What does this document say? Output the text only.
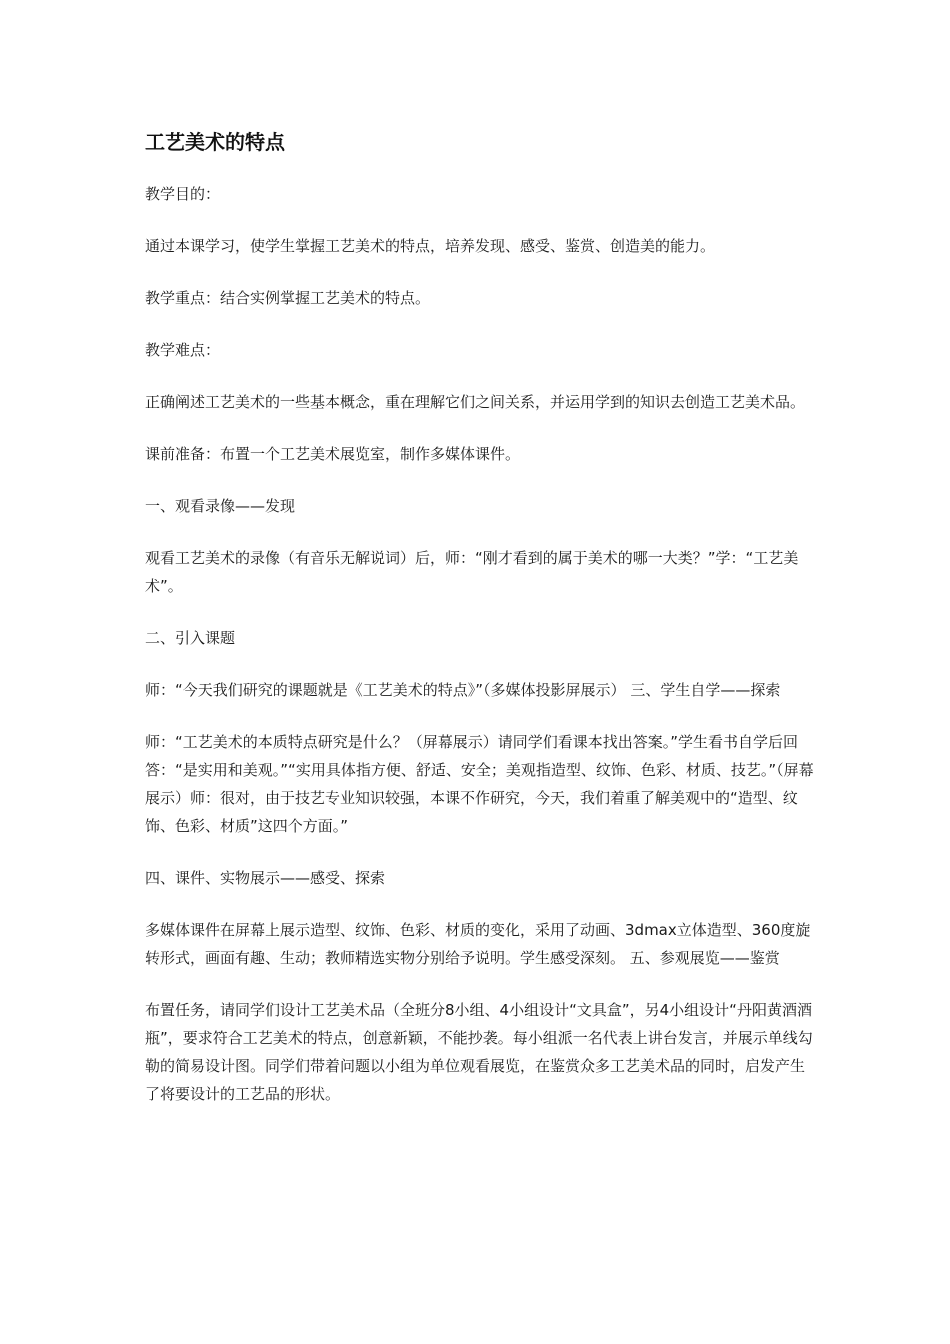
工艺美术的特点

教学目的：

通过本课学习，使学生掌握工艺美术的特点，培养发现、感受、鉴赏、创造美的能力。

教学重点：结合实例掌握工艺美术的特点。

教学难点：

正确阐述工艺美术的一些基本概念，重在理解它们之间关系，并运用学到的知识去创造工艺美术品。

课前准备：布置一个工艺美术展览室，制作多媒体课件。

一、观看录像——发现

观看工艺美术的录像（有音乐无解说词）后，师：“刚才看到的属于美术的哪一大类？”学：“工艺美术”。

二、引入课题

师：“今天我们研究的课题就是《工艺美术的特点》”（多媒体投影屏展示） 三、学生自学——探索

师：“工艺美术的本质特点研究是什么？（屏幕展示）请同学们看课本找出答案。”学生看书自学后回答：“是实用和美观。”“实用具体指方便、舒适、安全；美观指造型、纹饰、色彩、材质、技艺。”（屏幕展示）师：很对，由于技艺专业知识较强，本课不作研究，今天，我们着重了解美观中的“造型、纹饰、色彩、材质”这四个方面。”

四、课件、实物展示——感受、探索

多媒体课件在屏幕上展示造型、纹饰、色彩、材质的变化，采用了动画、3dmax立体造型、360度旋转形式，画面有趣、生动；教师精选实物分别给予说明。学生感受深刻。 五、参观展览——鉴赏

布置任务，请同学们设计工艺美术品（全班分8小组、4小组设计“文具盒”，另4小组设计“丹阳黄酒酒瓶”，要求符合工艺美术的特点，创意新颖，不能抄袭。每小组派一名代表上讲台发言，并展示单线勾勒的简易设计图。同学们带着问题以小组为单位观看展览，在鉴赏众多工艺美术品的同时，启发产生了将要设计的工艺品的形状。
